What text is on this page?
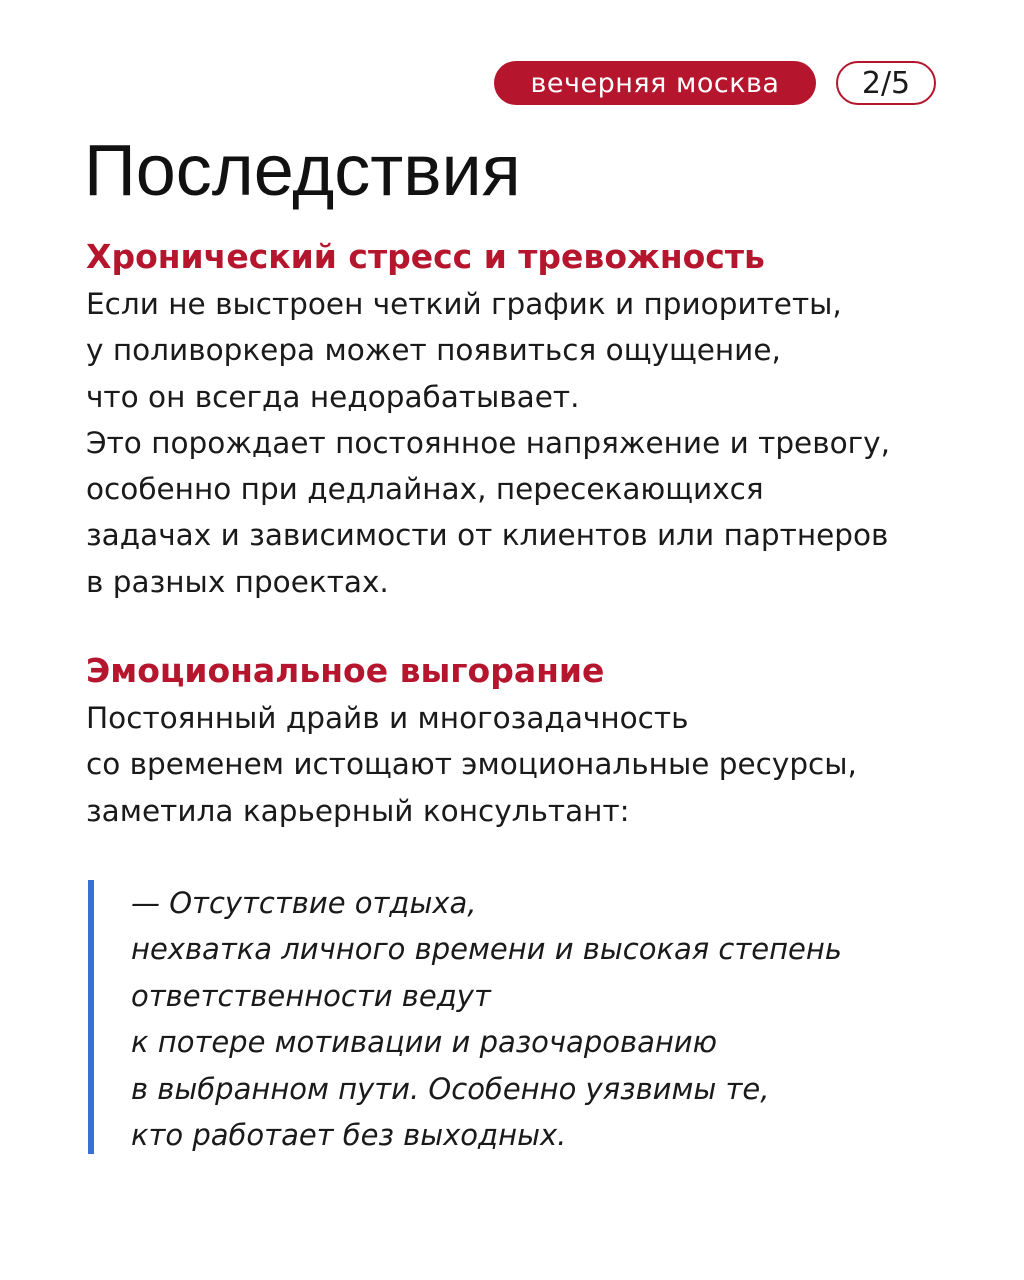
вечерняя москва	2/5
Последствия
Хронический стресс и тревожность

Если не выстроен четкий график и приоритеты,
у поливоркера может появиться ощущение,
что он всегда недорабатывает.
Это порождает постоянное напряжение и тревогу,
особенно при дедлайнах, пересекающихся
задачах и зависимости от клиентов или партнеров
в разных проектах.

Эмоциональное выгорание

Постоянный драйв и многозадачность
со временем истощают эмоциональные ресурсы,
заметила карьерный консультант:

— Отсутствие отдыха,
нехватка личного времени и высокая степень
ответственности ведут
к потере мотивации и разочарованию
в выбранном пути. Особенно уязвимы те,
кто работает без выходных.
